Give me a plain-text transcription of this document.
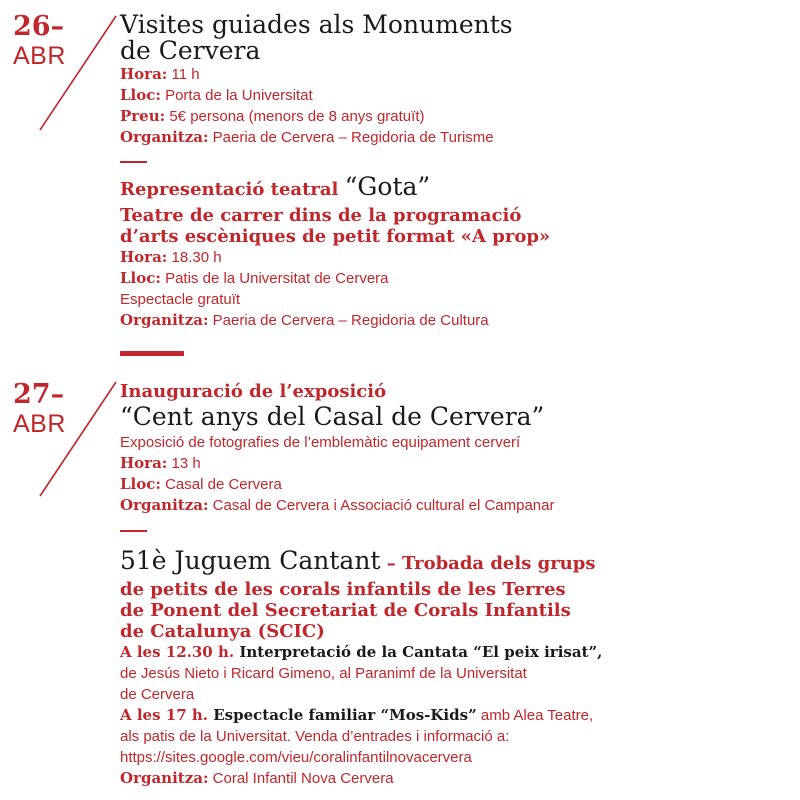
26–
ABR
Visites guiades als Monuments
de Cervera
Hora: 11 h
Lloc: Porta de la Universitat
Preu: 5€ persona (menors de 8 anys gratuït)
Organitza: Paeria de Cervera – Regidoria de Turisme
Representació teatral “Gota”
Teatre de carrer dins de la programació
d’arts escèniques de petit format «A prop»
Hora: 18.30 h
Lloc: Patis de la Universitat de Cervera
Espectacle gratuït
Organitza: Paeria de Cervera – Regidoria de Cultura
27–
ABR
Inauguració de l’exposició
“Cent anys del Casal de Cervera”
Exposició de fotografies de l’emblemàtic equipament cerverí
Hora: 13 h
Lloc: Casal de Cervera
Organitza: Casal de Cervera i Associació cultural el Campanar
51è Juguem Cantant – Trobada dels grups
de petits de les corals infantils de les Terres
de Ponent del Secretariat de Corals Infantils
de Catalunya (SCIC)
A les 12.30 h. Interpretació de la Cantata “El peix irisat”,
de Jesús Nieto i Ricard Gimeno, al Paranimf de la Universitat
de Cervera
A les 17 h. Espectacle familiar “Mos-Kids” amb Alea Teatre,
als patis de la Universitat. Venda d’entrades i informació a:
https://sites.google.com/vieu/coralinfantilnovacervera
Organitza: Coral Infantil Nova Cervera
